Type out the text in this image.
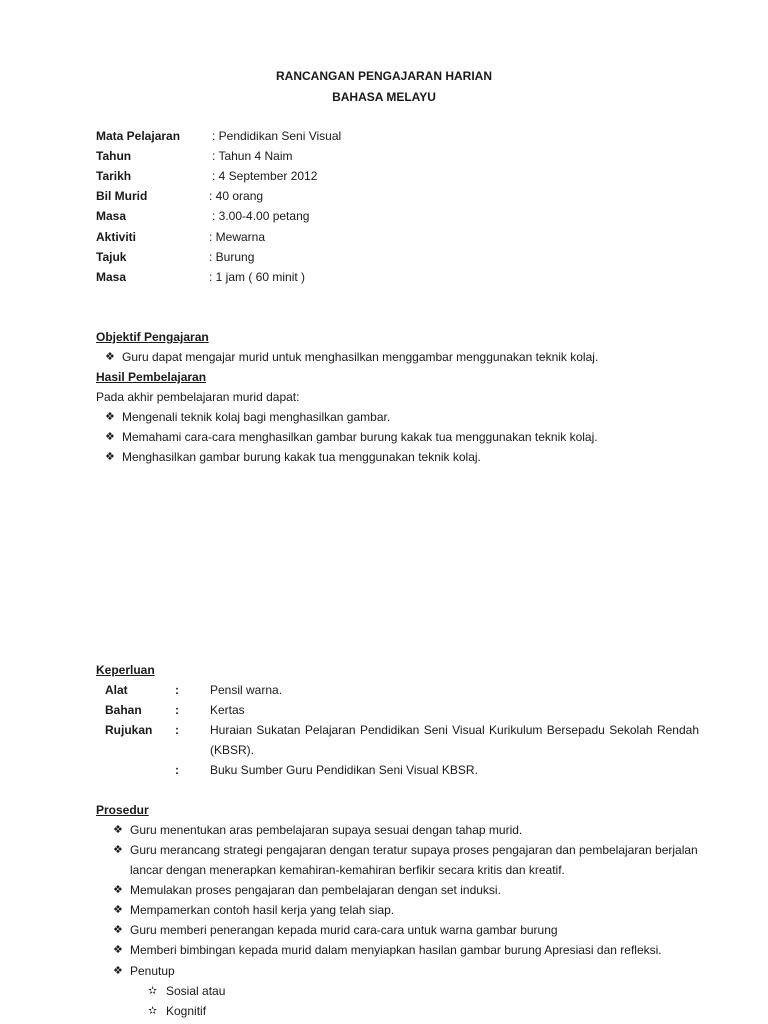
RANCANGAN PENGAJARAN HARIAN
BAHASA MELAYU
Mata Pelajaran	: Pendidikan Seni Visual
Tahun	: Tahun 4 Naim
Tarikh	: 4 September 2012
Bil Murid	: 40 orang
Masa	: 3.00-4.00 petang
Aktiviti	: Mewarna
Tajuk	: Burung
Masa	: 1 jam ( 60 minit )
Objektif Pengajaran
❖ Guru dapat mengajar murid untuk menghasilkan menggambar menggunakan teknik kolaj.
Hasil Pembelajaran
Pada akhir pembelajaran murid dapat:
❖ Mengenali teknik kolaj bagi menghasilkan gambar.
❖ Memahami cara-cara menghasilkan gambar burung kakak tua menggunakan teknik kolaj.
❖ Menghasilkan gambar burung kakak tua menggunakan teknik kolaj.
Keperluan
Alat	:	Pensil warna.
Bahan	:	Kertas
Rujukan :	Huraian Sukatan Pelajaran Pendidikan Seni Visual Kurikulum Bersepadu Sekolah Rendah
(KBSR).
:	Buku Sumber Guru Pendidikan Seni Visual KBSR.
Prosedur
❖ Guru menentukan aras pembelajaran supaya sesuai dengan tahap murid.
❖ Guru merancang strategi pengajaran dengan teratur supaya proses pengajaran dan pembelajaran berjalan
lancar dengan menerapkan kemahiran-kemahiran berfikir secara kritis dan kreatif.
❖ Memulakan proses pengajaran dan pembelajaran dengan set induksi.
❖ Mempamerkan contoh hasil kerja yang telah siap.
❖ Guru memberi penerangan kepada murid cara-cara untuk warna gambar burung
❖ Memberi bimbingan kepada murid dalam menyiapkan hasilan gambar burung Apresiasi dan refleksi.
❖ Penutup
✫ Sosial atau
✫ Kognitif
